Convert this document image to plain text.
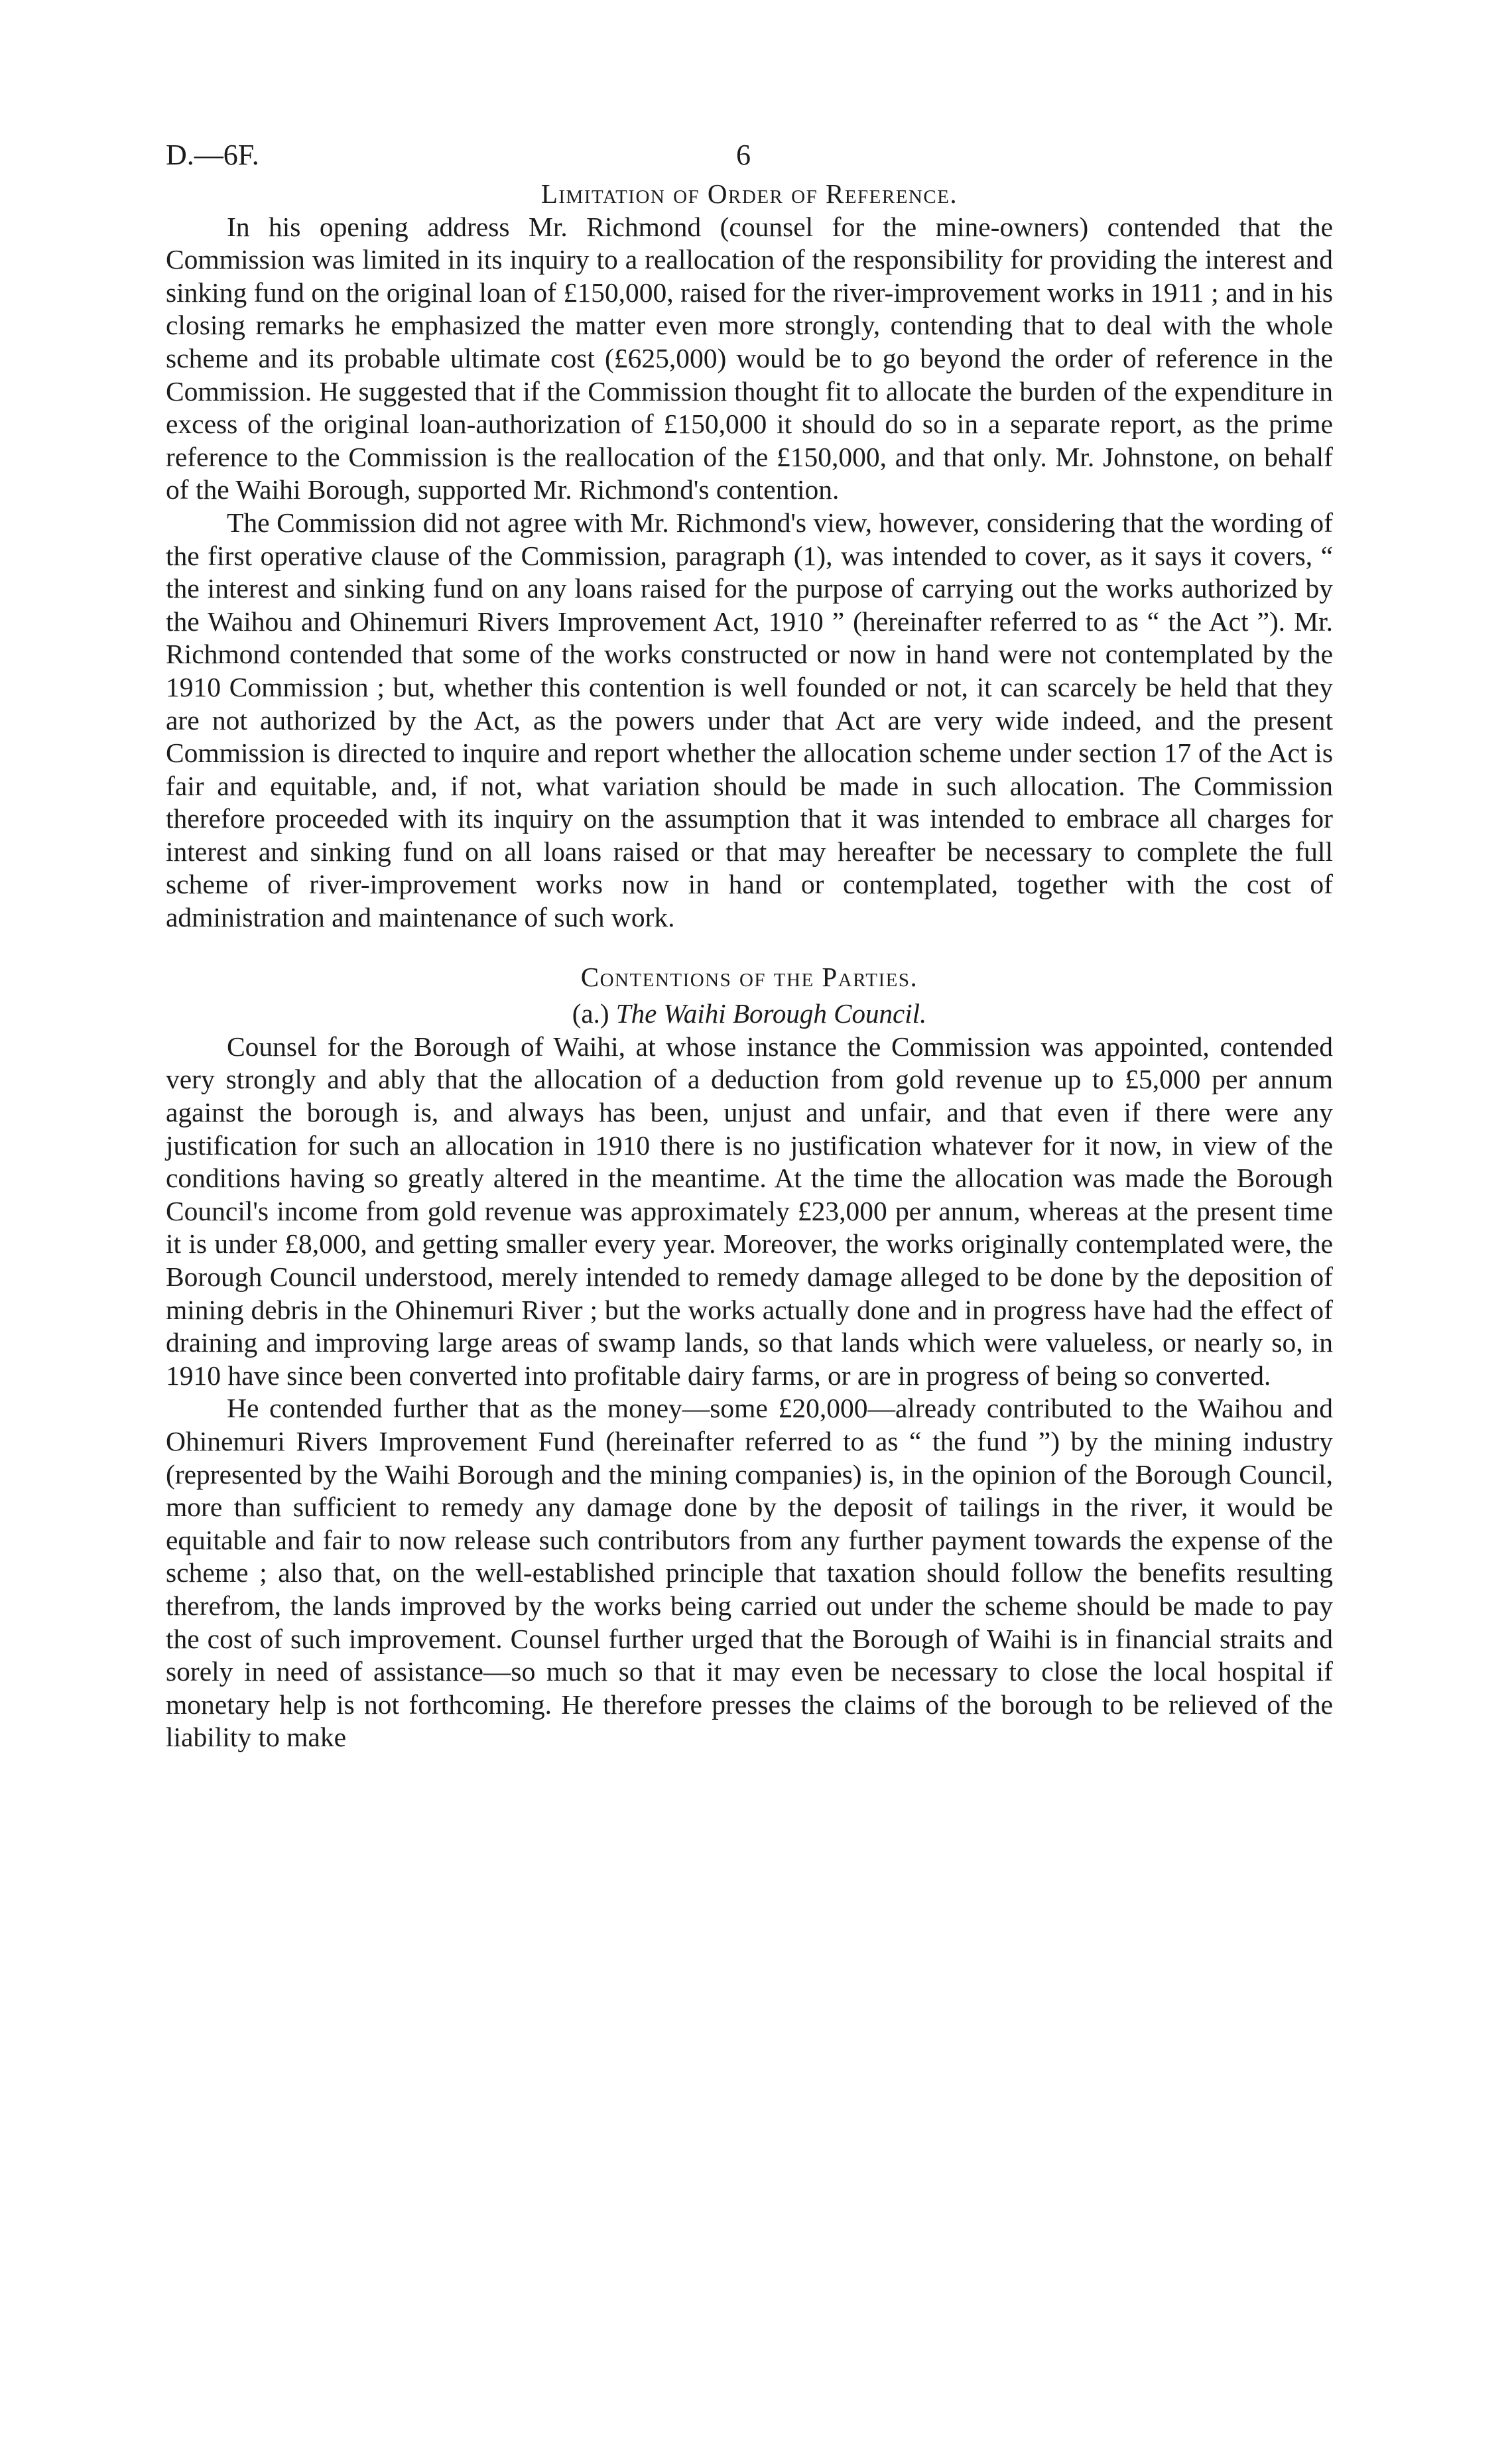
D.—6F.	6
Limitation of Order of Reference.

In his opening address Mr. Richmond (counsel for the mine-owners) contended that the Commission was limited in its inquiry to a reallocation of the responsibility for providing the interest and sinking fund on the original loan of £150,000, raised for the river-improvement works in 1911 ; and in his closing remarks he emphasized the matter even more strongly, contending that to deal with the whole scheme and its probable ultimate cost (£625,000) would be to go beyond the order of reference in the Commission. He suggested that if the Commission thought fit to allocate the burden of the expenditure in excess of the original loan-authorization of £150,000 it should do so in a separate report, as the prime reference to the Commission is the reallocation of the £150,000, and that only. Mr. Johnstone, on behalf of the Waihi Borough, supported Mr. Richmond's contention.

The Commission did not agree with Mr. Richmond's view, however, considering that the wording of the first operative clause of the Commission, paragraph (1), was intended to cover, as it says it covers, “ the interest and sinking fund on any loans raised for the purpose of carrying out the works authorized by the Waihou and Ohinemuri Rivers Improvement Act, 1910 ” (hereinafter referred to as “ the Act ”). Mr. Richmond contended that some of the works constructed or now in hand were not contemplated by the 1910 Commission ; but, whether this contention is well founded or not, it can scarcely be held that they are not authorized by the Act, as the powers under that Act are very wide indeed, and the present Commission is directed to inquire and report whether the allocation scheme under section 17 of the Act is fair and equitable, and, if not, what variation should be made in such allocation. The Commission therefore proceeded with its inquiry on the assumption that it was intended to embrace all charges for interest and sinking fund on all loans raised or that may hereafter be necessary to complete the full scheme of river-improvement works now in hand or contemplated, together with the cost of administration and maintenance of such work.

Contentions of the Parties.
(a.) The Waihi Borough Council.

Counsel for the Borough of Waihi, at whose instance the Commission was appointed, contended very strongly and ably that the allocation of a deduction from gold revenue up to £5,000 per annum against the borough is, and always has been, unjust and unfair, and that even if there were any justification for such an allocation in 1910 there is no justification whatever for it now, in view of the conditions having so greatly altered in the meantime. At the time the allocation was made the Borough Council's income from gold revenue was approximately £23,000 per annum, whereas at the present time it is under £8,000, and getting smaller every year. Moreover, the works originally contemplated were, the Borough Council understood, merely intended to remedy damage alleged to be done by the deposition of mining debris in the Ohinemuri River ; but the works actually done and in progress have had the effect of draining and improving large areas of swamp lands, so that lands which were valueless, or nearly so, in 1910 have since been converted into profitable dairy farms, or are in progress of being so converted.

He contended further that as the money—some £20,000—already contributed to the Waihou and Ohinemuri Rivers Improvement Fund (hereinafter referred to as “ the fund ”) by the mining industry (represented by the Waihi Borough and the mining companies) is, in the opinion of the Borough Council, more than sufficient to remedy any damage done by the deposit of tailings in the river, it would be equitable and fair to now release such contributors from any further payment towards the expense of the scheme ; also that, on the well-established principle that taxation should follow the benefits resulting therefrom, the lands improved by the works being carried out under the scheme should be made to pay the cost of such improvement. Counsel further urged that the Borough of Waihi is in financial straits and sorely in need of assistance—so much so that it may even be necessary to close the local hospital if monetary help is not forthcoming. He therefore presses the claims of the borough to be relieved of the liability to make
